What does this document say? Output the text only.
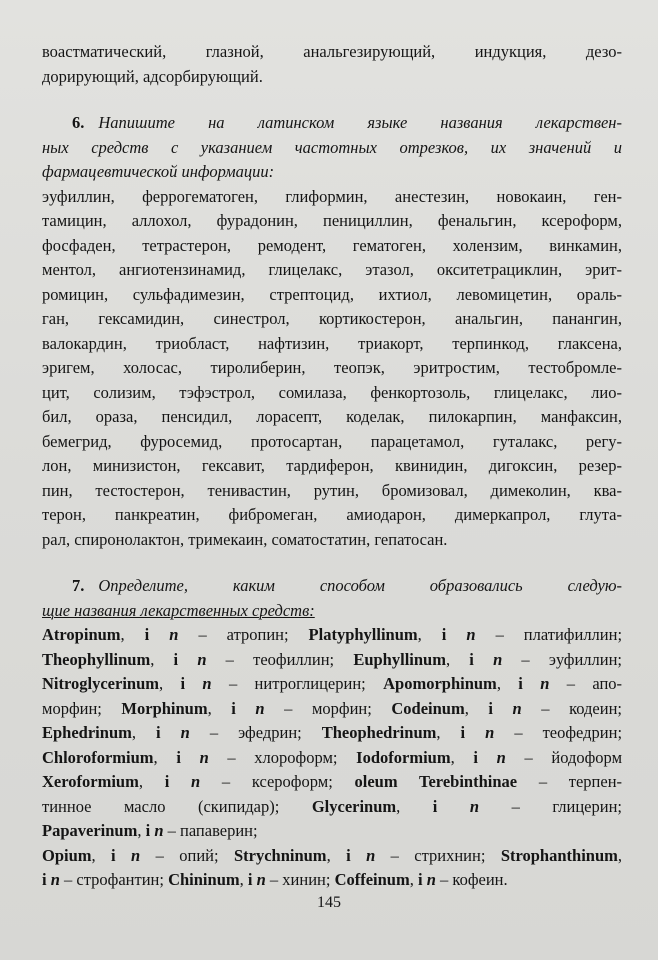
воастматический, глазной, анальгезирующий, индукция, дезо-
дорирующий, адсорбирующий.
6. Напишите на латинском языке названия лекарствен-
ных средств с указанием частотных отрезков, их значений и
фармацевтической информации:
эуфиллин, феррогематоген, глиформин, анестезин, новокаин, ген-
тамицин, аллохол, фурадонин, пенициллин, фенальгин, ксероформ,
фосфаден, тетрастерон, ремодент, гематоген, холензим, винкамин,
ментол, ангиотензинамид, глицелакс, этазол, окситетрациклин, эрит-
ромицин, сульфадимезин, стрептоцид, ихтиол, левомицетин, ораль-
ган, гексамидин, синестрол, кортикостерон, анальгин, панангин,
валокардин, триобласт, нафтизин, триакорт, терпинкод, глаксена,
эригем, холосас, тиролиберин, теопэк, эритростим, тестобромле-
цит, солизим, тэфэстрол, сомилаза, фенкортозоль, глицелакс, лио-
бил, ораза, пенсидил, лорасепт, коделак, пилокарпин, манфаксин,
бемегрид, фуросемид, протосартан, парацетамол, гуталакс, регу-
лон, минизистон, гексавит, тардиферон, квинидин, дигоксин, резер-
пин, тестостерон, тенивастин, рутин, бромизовал, димеколин, ква-
терон, панкреатин, фибромеган, амиодарон, димеркапрол, глута-
рал, спиронолактон, тримекаин, соматостатин, гепатосан.
7. Определите, каким способом образовались следую-
щие названия лекарственных средств:
Atropinum, i n – атропин; Platyphyllinum, i n – платифиллин;
Theophyllinum, i n – теофиллин; Euphyllinum, i n – эуфиллин;
Nitroglycerinum, i n – нитроглицерин; Apomorphinum, i n – апо-
морфин; Morphinum, i n – морфин; Codeinum, i n – кодеин;
Ephedrinum, i n – эфедрин; Theophedrinum, i n – теофедрин;
Chloroformium, i n – хлороформ; Iodoformium, i n – йодоформ
Xeroformium, i n – ксероформ; oleum Terebinthinae – терпен-
тинное масло (скипидар); Glycerinum, i n – глицерин;
Papaverinum, i n – папаверин;
Opium, i n – опий; Strychninum, i n – стрихнин; Strophanthinum,
i n – строфантин; Chininum, i n – хинин; Coffeinum, i n – кофеин.
145
